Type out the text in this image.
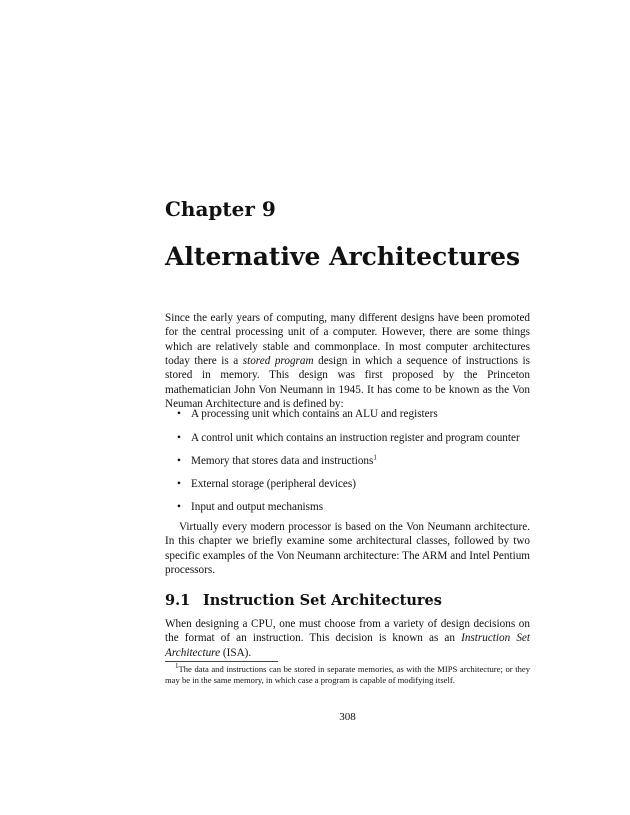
Chapter 9
Alternative Architectures

Since the early years of computing, many different designs have been promoted for the central processing unit of a computer. However, there are some things which are relatively stable and commonplace. In most computer architectures today there is a stored program design in which a sequence of instructions is stored in memory. This design was first proposed by the Princeton mathematician John Von Neumann in 1945. It has come to be known as the Von Neuman Architecture and is defined by:

• A processing unit which contains an ALU and registers
• A control unit which contains an instruction register and program counter
• Memory that stores data and instructions$^1$
• External storage (peripheral devices)
• Input and output mechanisms

Virtually every modern processor is based on the Von Neumann architecture. In this chapter we briefly examine some architectural classes, followed by two specific examples of the Von Neumann architecture: The ARM and Intel Pentium processors.

9.1 Instruction Set Architectures

When designing a CPU, one must choose from a variety of design decisions on the format of an instruction. This decision is known as an Instruction Set Architecture (ISA).

$^1$The data and instructions can be stored in separate memories, as with the MIPS architecture; or they may be in the same memory, in which case a program is capable of modifying itself.

308
